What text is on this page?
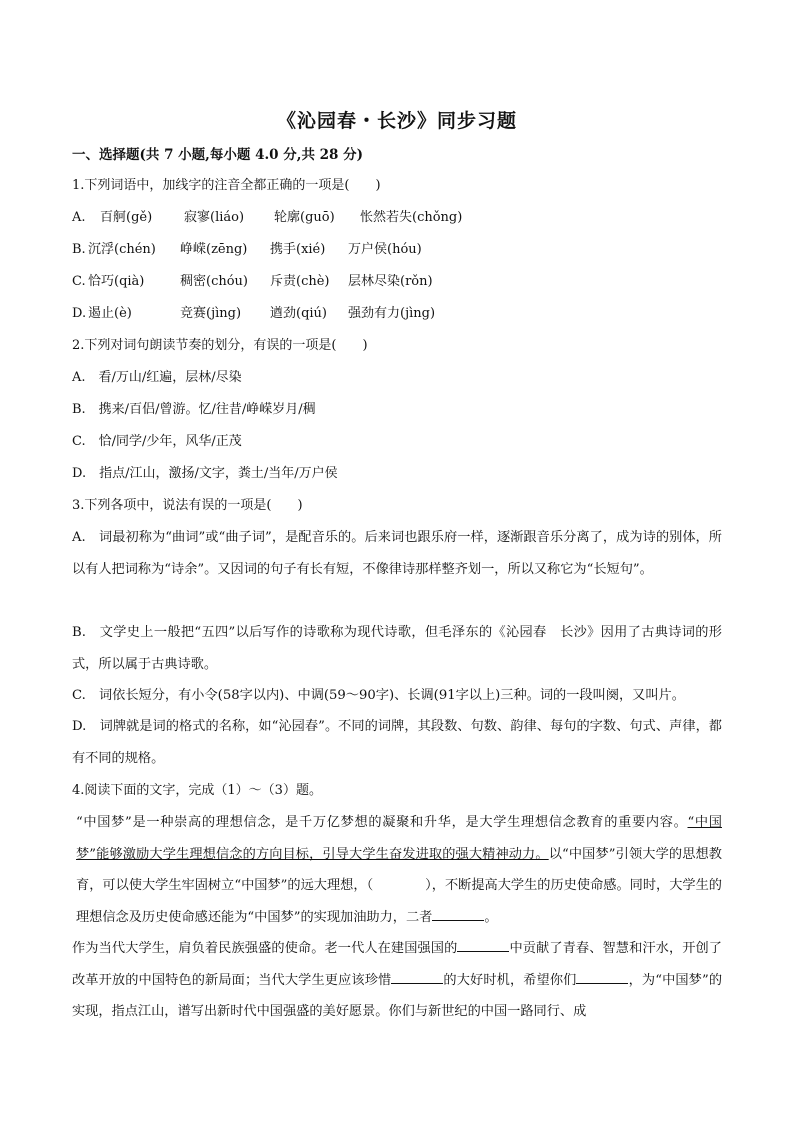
《沁园春・长沙》同步习题
一、选择题(共 7 小题,每小题 4.0 分,共 28 分)
1.下列词语中，加线字的注音全都正确的一项是(　　)
A. 百舸(gě) 寂寥(liáo) 轮廓(guō) 怅然若失(chǒng)
B. 沉浮(chén) 峥嵘(zēng) 携手(xié) 万户侯(hóu)
C. 恰巧(qià)	稠密(chóu) 斥责(chè) 层林尽染(rǒn)
D. 遏止(è)	竞赛(jìng) 遒劲(qiú) 强劲有力(jìng)
2.下列对词句朗读节奏的划分，有误的一项是(　　)
A.　看/万山/红遍，层林/尽染
B.　携来/百侣/曾游。忆/往昔/峥嵘岁月/稠
C.　恰/同学/少年，风华/正茂
D.　指点/江山，激扬/文字，粪土/当年/万户侯
3.下列各项中，说法有误的一项是(　　)
A.　词最初称为“曲词”或“曲子词”，是配音乐的。后来词也跟乐府一样，逐渐跟音乐分离了，成为诗的别体，所以有人把词称为“诗余”。又因词的句子有长有短，不像律诗那样整齐划一，所以又称它为“长短句”。
B.　文学史上一般把“五四”以后写作的诗歌称为现代诗歌，但毛泽东的《沁园春　长沙》因用了古典诗词的形式，所以属于古典诗歌。
C.　词依长短分，有小令(58字以内)、中调(59～90字)、长调(91字以上)三种。词的一段叫阕，又叫片。
D.　词牌就是词的格式的名称，如“沁园春”。不同的词牌，其段数、句数、韵律、每句的字数、句式、声律，都有不同的规格。
4.阅读下面的文字，完成（1）～（3）题。
“中国梦”是一种崇高的理想信念，是千万亿梦想的凝聚和升华，是大学生理想信念教育的重要内容。“中国梦”能够激励大学生理想信念的方向目标，引导大学生奋发进取的强大精神动力。以“中国梦”引领大学的思想教育，可以使大学生牢固树立“中国梦”的远大理想，（	），不断提高大学生的历史使命感。同时，大学生的理想信念及历史使命感还能为“中国梦”的实现加油助力，二者	。
作为当代大学生，肩负着民族强盛的使命。老一代人在建国强国的	中贡献了青春、智慧和汗水，开创了改革开放的中国特色的新局面；当代大学生更应该珍惜	的大好时机，希望你们	，为“中国梦”的实现，指点江山，谱写出新时代中国强盛的美好愿景。你们与新世纪的中国一路同行、成
